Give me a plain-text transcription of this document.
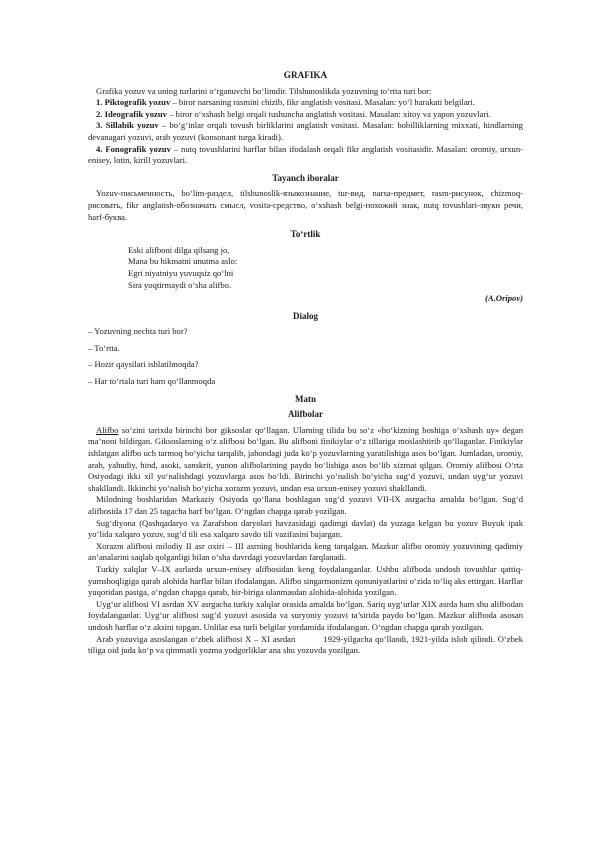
GRAFIKA

Grafika yozuv va uning turlarini o‘rganuvchi bo‘limdir. Tilshunoslikda yozuvning to‘rtta turi bor:

1. Piktografik yozuv – biror narsaning rasmini chizib, fikr anglatish vositasi. Masalan: yo‘l harakati belgilari.

2. Ideografik yozuv – biror o‘xshash belgi orqali tushuncha anglatish vositasi. Masalan: xitoy va yapon yozuvlari.

3. Sillabik yozuv – bo‘g‘inlar orqali tovush birliklarini anglatish vositasi. Masalan: bobilliklarning mixxati, hindlarning devanagari yozuvi, arab yozuvi (konsonant turga kiradi).

4. Fonografik yozuv – nutq tovushlarini harflar bilan ifodalash orqali fikr anglatish vositasidir. Masalan: oromiy, urxun-enisey, lotin, kirill yozuvlari.

Tayanch iboralar

Yozuv-письменность, bo‘lim-раздел, tilshunoslik-языкознание, tur-вид, narsa-предмет, rasm-рисунок, chizmoq-рисовать, fikr anglatish-обозначать смысл, vosita-средство, o‘xshash belgi-похожий знак, nutq tovushlari-звуки речи, harf-буква.

To‘rtlik

Eski alifboni dilga qilsang jo,

Mana bu hikmatni unutma aslo:

Egri niyatniyu yuvuqsiz qo‘lni

Sira yoqtirmaydi o‘sha alifbo.

(A.Oripov)
Dialog

– Yozuvning nechta turi bor?

– To‘rtta.

– Hozir qaysilari ishlatilmoqda?

– Har to‘rtala turi ham qo‘llanmoqda

Matn
Alifbolar

Alifbo so‘zini tarixda birinchi bor giksoslar qo‘llagan. Ularning tilida bu so‘z «ho‘kizning boshiga o‘xshash uy» degan ma’noni bildirgan. Giksoslarning o‘z alifbosi bo‘lgan. Bu alifboni finikiylar o‘z tillariga moslashtirib qo‘llaganlar. Finikiylar ishlatgan alifbo uch tarmoq bo‘yicha tarqalib, jahondagi juda ko‘p yozuvlarning yaratilishiga asos bo‘lgan. Jumladan, oromiy, arab, yahudiy, hind, asoki, sanskrit, yunon alifbolarining paydo bo‘lishiga asos bo‘lib xizmat qilgan. Oromiy alifbosi O‘rta Osiyodagi ikki xil yo‘nalishdagi yozuvlarga asos bo‘ldi. Birinchi yo‘nalish bo‘yicha sug‘d yozuvi, undan uyg‘ur yozuvi shakllandi. Ikkinchi yo‘nalish bo‘yicha xorazm yozuvi, undan esa urxun-enisey yozuvi shakllandi.

Milodning boshlaridan Markaziy Osiyoda qo‘llana boshlagan sug‘d yozuvi VII-IX asrgacha amalda bo‘lgan. Sug‘d alifbosida 17 dan 25 tagacha harf bo‘lgan. O‘ngdan chapga qarab yozilgan.

Sug‘diyona (Qashqadaryo va Zarafshon daryolari havzasidagi qadimgi davlat) da yuzaga kelgan bu yozuv Buyuk ipak yo‘lida xalqaro yozuv, sug‘d tili esa xalqaro savdo tili vazifasini bajargan.

Xorazm alifbosi milodiy II asr oxiri – III asrning boshlarida keng tarqalgan. Mazkur alifbo oromiy yozuvining qadimiy an’analarini saqlab qolganligi bilan o‘sha davrdagi yozuvlardan farqlanadi.

Turkiy xalqlar V–IX asrlarda urxun-enisey alifbosidan keng foydalanganlar. Ushbu alifboda undosh tovushlar qattiq-yumshoqligiga qarab alohida harflar bilan ifodalangan. Alifbo singarmonizm qonuniyatlarini o‘zida to‘liq aks ettirgan. Harflar yuqoridan pastga, o‘ngdan chapga qarab, bir-biriga ulanmasdan alohida-alohida yozilgan.

Uyg‘ur alifbosi VI asrdan XV asrgacha turkiy xalqlar orasida amalda bo‘lgan. Sariq uyg‘urlar XIX asrda ham shu alifbodan foydalanganlar. Uyg‘ur alifbosi sug‘d yozuvi asosida va suryoniy yozuvi ta’sirida paydo bo‘lgan. Mazkur alifboda asosan undosh harflar o‘z aksini topgan. Unlilar esa turli belgilar yordamida ifodalangan. O‘ngdan chapga qarab yozilgan.

Arab yozuviga asoslangan o‘zbek alifbosi X – XI asrdan	1929-yilgacha qo‘llandi, 1921-yilda isloh qilindi. O‘zbek tiliga oid juda ko‘p va qimmatli yozma yodgorliklar ana shu yozuvda yozilgan.
